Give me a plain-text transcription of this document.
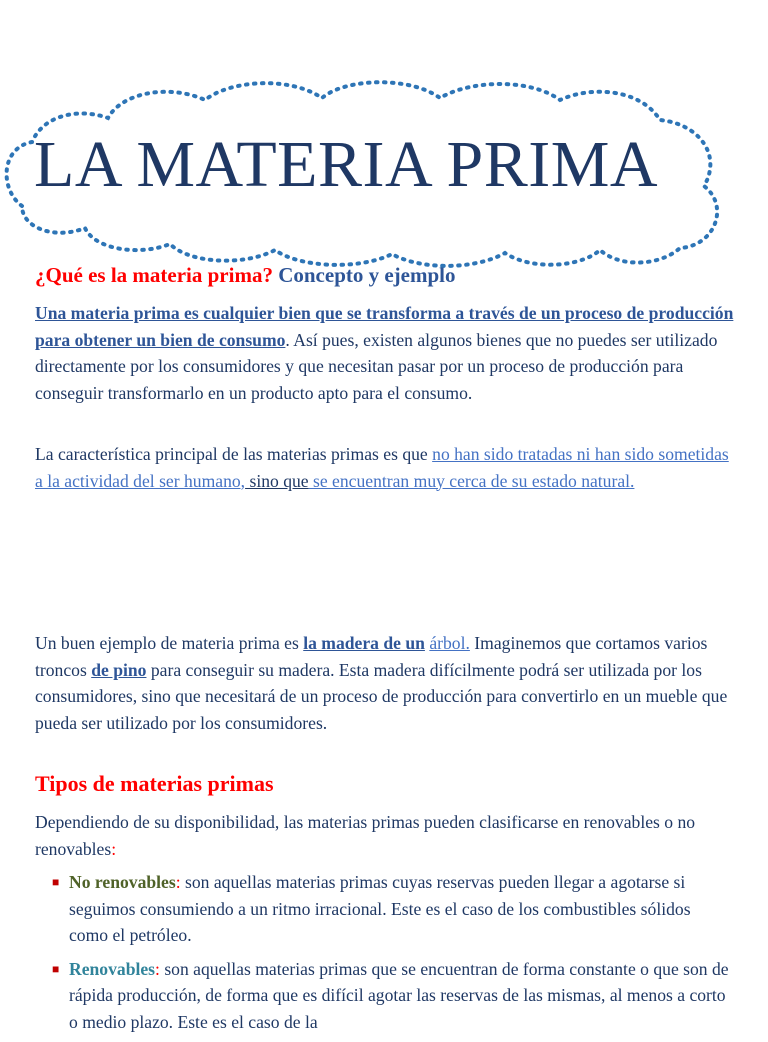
LA MATERIA PRIMA
¿Qué es la materia prima? Concepto y ejemplo

Una materia prima es cualquier bien que se transforma a través de un proceso de producción para obtener un bien de consumo. Así pues, existen algunos bienes que no puedes ser utilizado directamente por los consumidores y que necesitan pasar por un proceso de producción para conseguir transformarlo en un producto apto para el consumo.

La característica principal de las materias primas es que no han sido tratadas ni han sido sometidas a la actividad del ser humano, sino que se encuentran muy cerca de su estado natural.

Un buen ejemplo de materia prima es la madera de un árbol. Imaginemos que cortamos varios troncos de pino para conseguir su madera. Esta madera difícilmente podrá ser utilizada por los consumidores, sino que necesitará de un proceso de producción para convertirlo en un mueble que pueda ser utilizado por los consumidores.

Tipos de materias primas

Dependiendo de su disponibilidad, las materias primas pueden clasificarse en renovables o no renovables:

■ No renovables: son aquellas materias primas cuyas reservas pueden llegar a agotarse si seguimos consumiendo a un ritmo irracional. Este es el caso de los combustibles sólidos como el petróleo.
■ Renovables: son aquellas materias primas que se encuentran de forma constante o que son de rápida producción, de forma que es difícil agotar las reservas de las mismas, al menos a corto o medio plazo. Este es el caso de la
